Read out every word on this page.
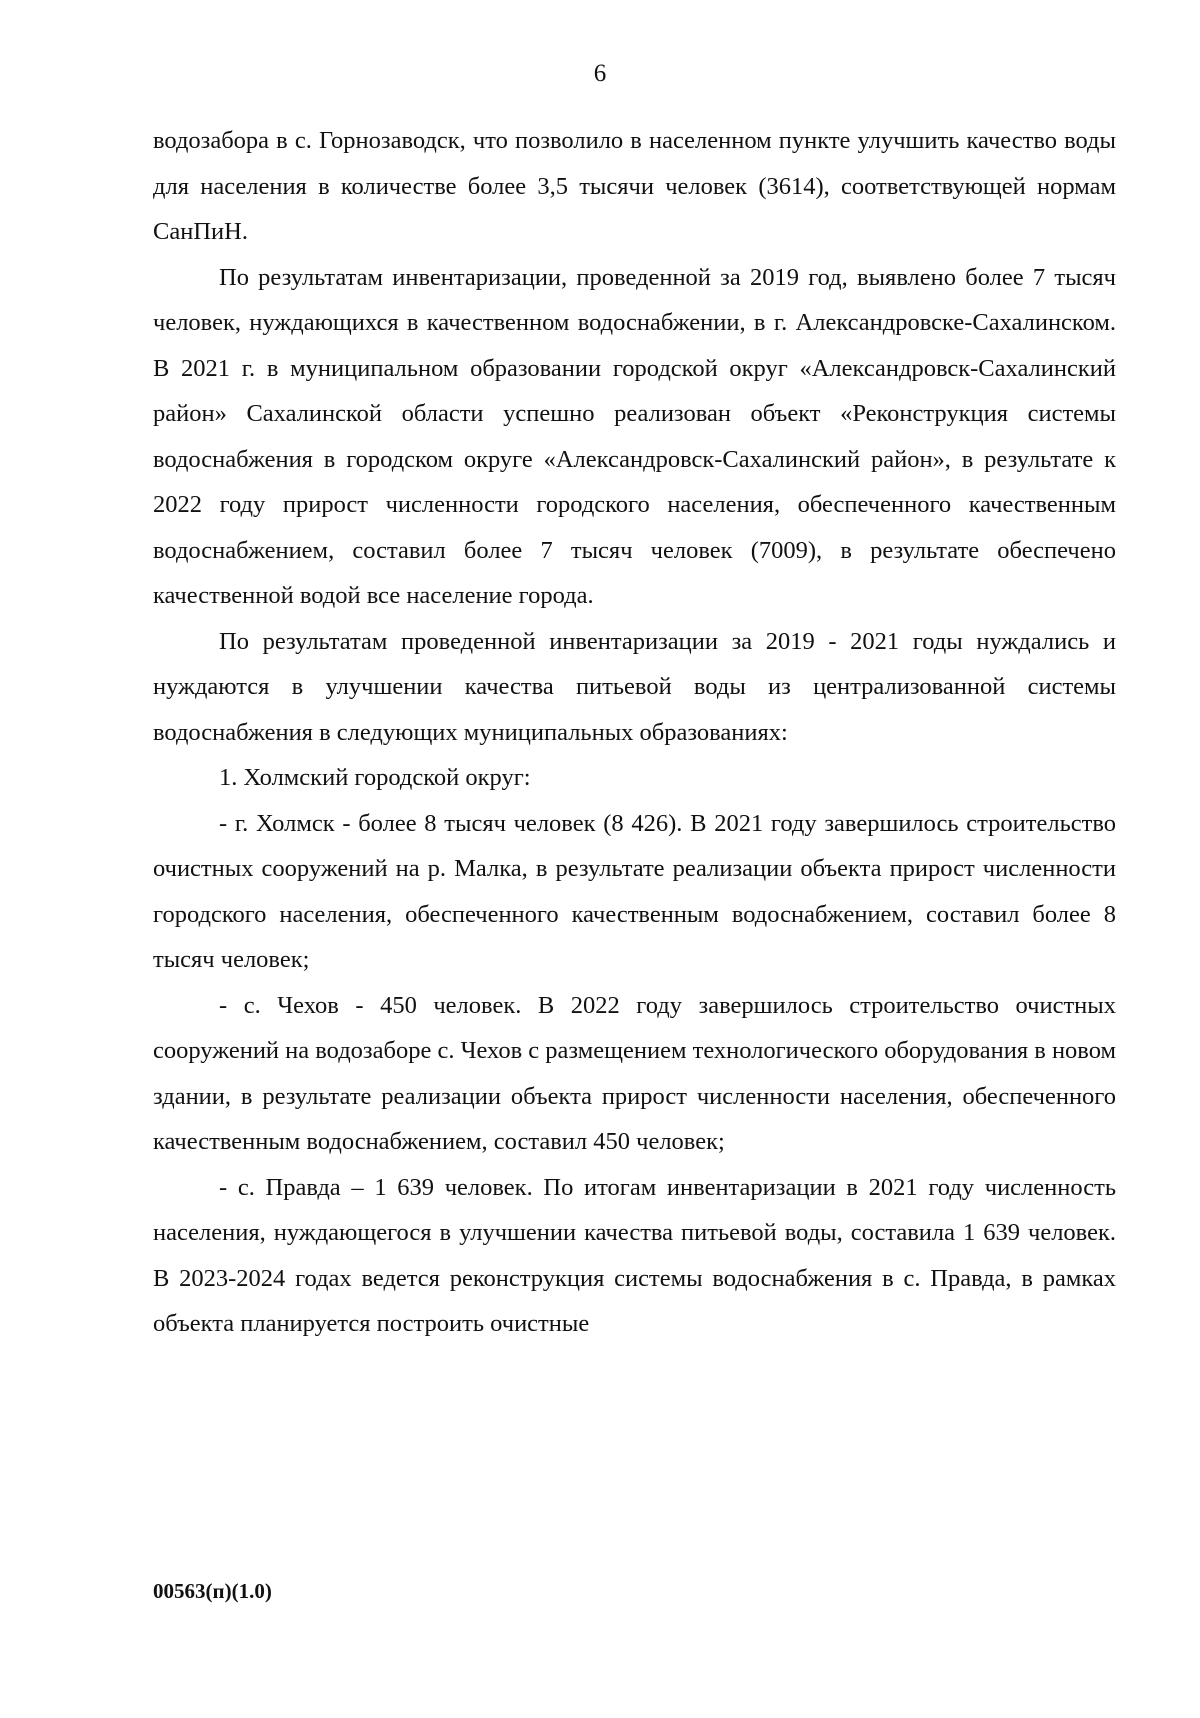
6

водозабора в с. Горнозаводск, что позволило в населенном пункте улучшить качество воды для населения в количестве более 3,5 тысячи человек (3614), соответствующей нормам СанПиН.

По результатам инвентаризации, проведенной за 2019 год, выявлено более 7 тысяч человек, нуждающихся в качественном водоснабжении, в г. Александровске-Сахалинском. В 2021 г. в муниципальном образовании городской округ «Александровск-Сахалинский район» Сахалинской области успешно реализован объект «Реконструкция системы водоснабжения в городском округе «Александровск-Сахалинский район», в результате к 2022 году прирост численности городского населения, обеспеченного качественным водоснабжением, составил более 7 тысяч человек (7009), в результате обеспечено качественной водой все население города.

По результатам проведенной инвентаризации за 2019 - 2021 годы нуждались и нуждаются в улучшении качества питьевой воды из централизованной системы водоснабжения в следующих муниципальных образованиях:

1. Холмский городской округ:

- г. Холмск - более 8 тысяч человек (8 426). В 2021 году завершилось строительство очистных сооружений на р. Малка, в результате реализации объекта прирост численности городского населения, обеспеченного качественным водоснабжением, составил более 8 тысяч человек;

- с. Чехов - 450 человек. В 2022 году завершилось строительство очистных сооружений на водозаборе с. Чехов с размещением технологического оборудования в новом здании, в результате реализации объекта прирост численности населения, обеспеченного качественным водоснабжением, составил 450 человек;

- с. Правда – 1 639 человек. По итогам инвентаризации в 2021 году численность населения, нуждающегося в улучшении качества питьевой воды, составила 1 639 человек. В 2023-2024 годах ведется реконструкция системы водоснабжения в с. Правда, в рамках объекта планируется построить очистные

00563(п)(1.0)
